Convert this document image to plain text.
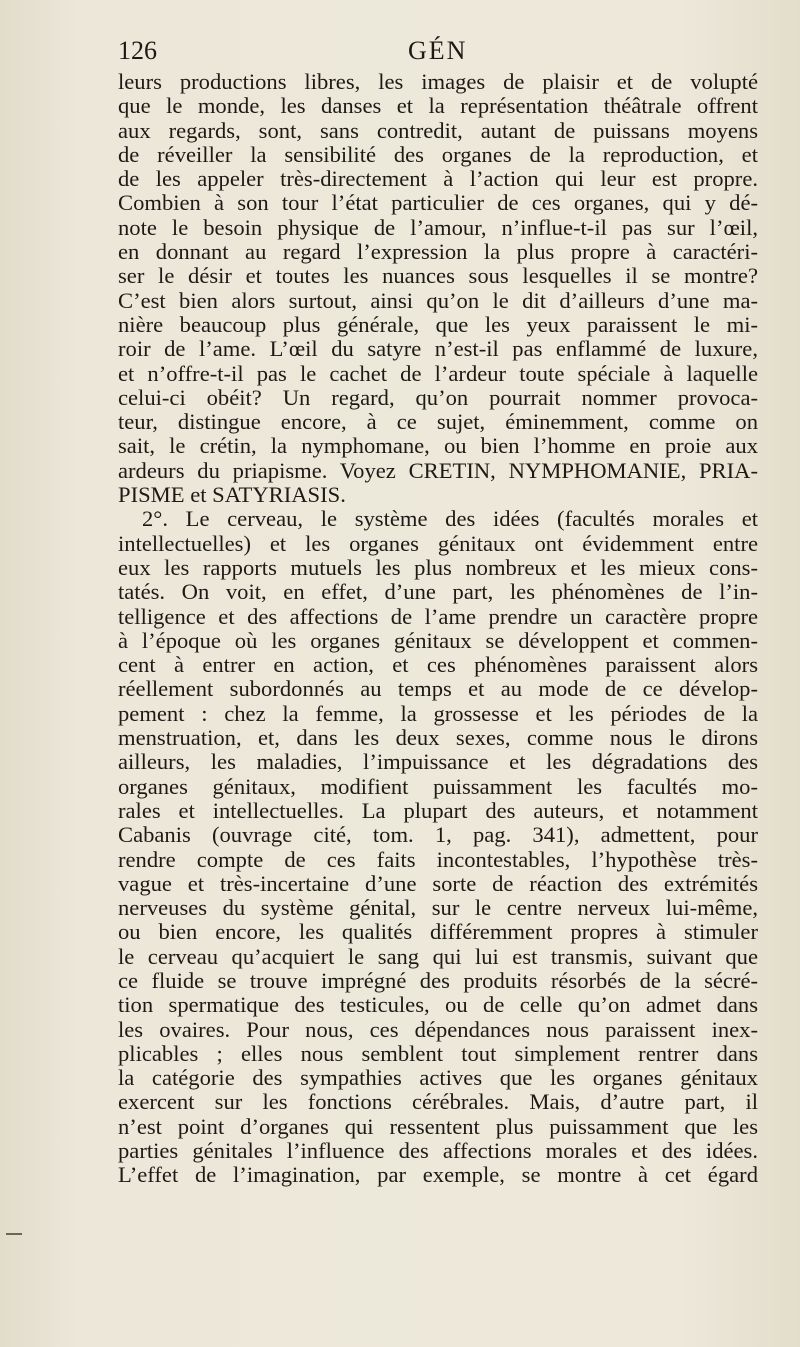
126	GÉN
leurs productions libres, les images de plaisir et de volupté
que le monde, les danses et la représentation théâtrale offrent
aux regards, sont, sans contredit, autant de puissans moyens
de réveiller la sensibilité des organes de la reproduction, et
de les appeler très-directement à l’action qui leur est propre.
Combien à son tour l’état particulier de ces organes, qui y dé-
note le besoin physique de l’amour, n’influe-t-il pas sur l’œil,
en donnant au regard l’expression la plus propre à caractéri-
ser le désir et toutes les nuances sous lesquelles il se montre?
C’est bien alors surtout, ainsi qu’on le dit d’ailleurs d’une ma-
nière beaucoup plus générale, que les yeux paraissent le mi-
roir de l’ame. L’œil du satyre n’est-il pas enflammé de luxure,
et n’offre-t-il pas le cachet de l’ardeur toute spéciale à laquelle
celui-ci obéit? Un regard, qu’on pourrait nommer provoca-
teur, distingue encore, à ce sujet, éminemment, comme on
sait, le crétin, la nymphomane, ou bien l’homme en proie aux
ardeurs du priapisme. Voyez CRETIN, NYMPHOMANIE, PRIA-
PISME et SATYRIASIS.
2°. Le cerveau, le système des idées (facultés morales et
intellectuelles) et les organes génitaux ont évidemment entre
eux les rapports mutuels les plus nombreux et les mieux cons-
tatés. On voit, en effet, d’une part, les phénomènes de l’in-
telligence et des affections de l’ame prendre un caractère propre
à l’époque où les organes génitaux se développent et commen-
cent à entrer en action, et ces phénomènes paraissent alors
réellement subordonnés au temps et au mode de ce dévelop-
pement : chez la femme, la grossesse et les périodes de la
menstruation, et, dans les deux sexes, comme nous le dirons
ailleurs, les maladies, l’impuissance et les dégradations des
organes génitaux, modifient puissamment les facultés mo-
rales et intellectuelles. La plupart des auteurs, et notamment
Cabanis (ouvrage cité, tom. 1, pag. 341), admettent, pour
rendre compte de ces faits incontestables, l’hypothèse très-
vague et très-incertaine d’une sorte de réaction des extrémités
nerveuses du système génital, sur le centre nerveux lui-même,
ou bien encore, les qualités différemment propres à stimuler
le cerveau qu’acquiert le sang qui lui est transmis, suivant que
ce fluide se trouve imprégné des produits résorbés de la sécré-
tion spermatique des testicules, ou de celle qu’on admet dans
les ovaires. Pour nous, ces dépendances nous paraissent inex-
plicables ; elles nous semblent tout simplement rentrer dans
la catégorie des sympathies actives que les organes génitaux
exercent sur les fonctions cérébrales. Mais, d’autre part, il
n’est point d’organes qui ressentent plus puissamment que les
parties génitales l’influence des affections morales et des idées.
L’effet de l’imagination, par exemple, se montre à cet égard
